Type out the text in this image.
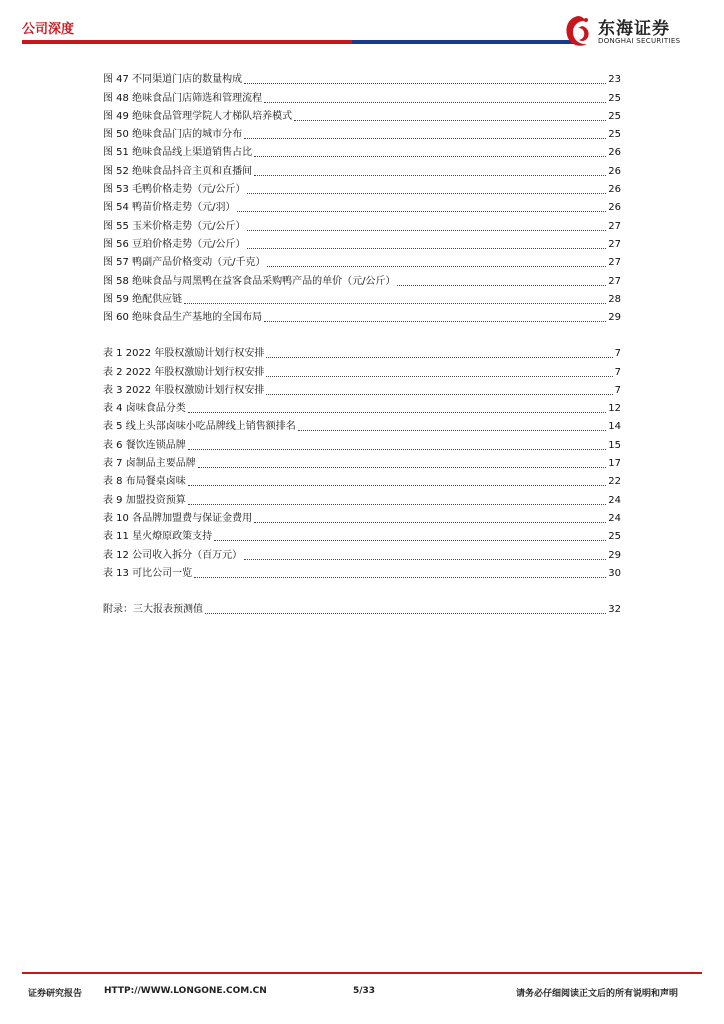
公司深度	东海证券
DONGHAI SECURITIES
图 47 不同渠道门店的数量构成	23
图 48 绝味食品门店筛选和管理流程	25
图 49 绝味食品管理学院人才梯队培养模式	25
图 50 绝味食品门店的城市分布	25
图 51 绝味食品线上渠道销售占比	26
图 52 绝味食品抖音主页和直播间	26
图 53 毛鸭价格走势（元/公斤）	26
图 54 鸭苗价格走势（元/羽）	26
图 55 玉米价格走势（元/公斤）	27
图 56 豆珀价格走势（元/公斤）	27
图 57 鸭副产品价格变动（元/千克）	27
图 58 绝味食品与周黑鸭在益客食品采购鸭产品的单价（元/公斤）	27
图 59 绝配供应链	28
图 60 绝味食品生产基地的全国布局	29
表 1 2022 年股权激励计划行权安排	7
表 2 2022 年股权激励计划行权安排	7
表 3 2022 年股权激励计划行权安排	7
表 4 卤味食品分类	12
表 5 线上头部卤味小吃品牌线上销售额排名	14
表 6 餐饮连锁品牌	15
表 7 卤制品主要品牌	17
表 8 布局餐桌卤味	22
表 9 加盟投资预算	24
表 10 各品牌加盟费与保证金费用	24
表 11 星火燎原政策支持	25
表 12 公司收入拆分（百万元）	29
表 13 可比公司一览	30
附录：三大报表预测值	32
证券研究报告 HTTP://WWW.LONGONE.COM.CN	5/33	请务必仔细阅读正文后的所有说明和声明
